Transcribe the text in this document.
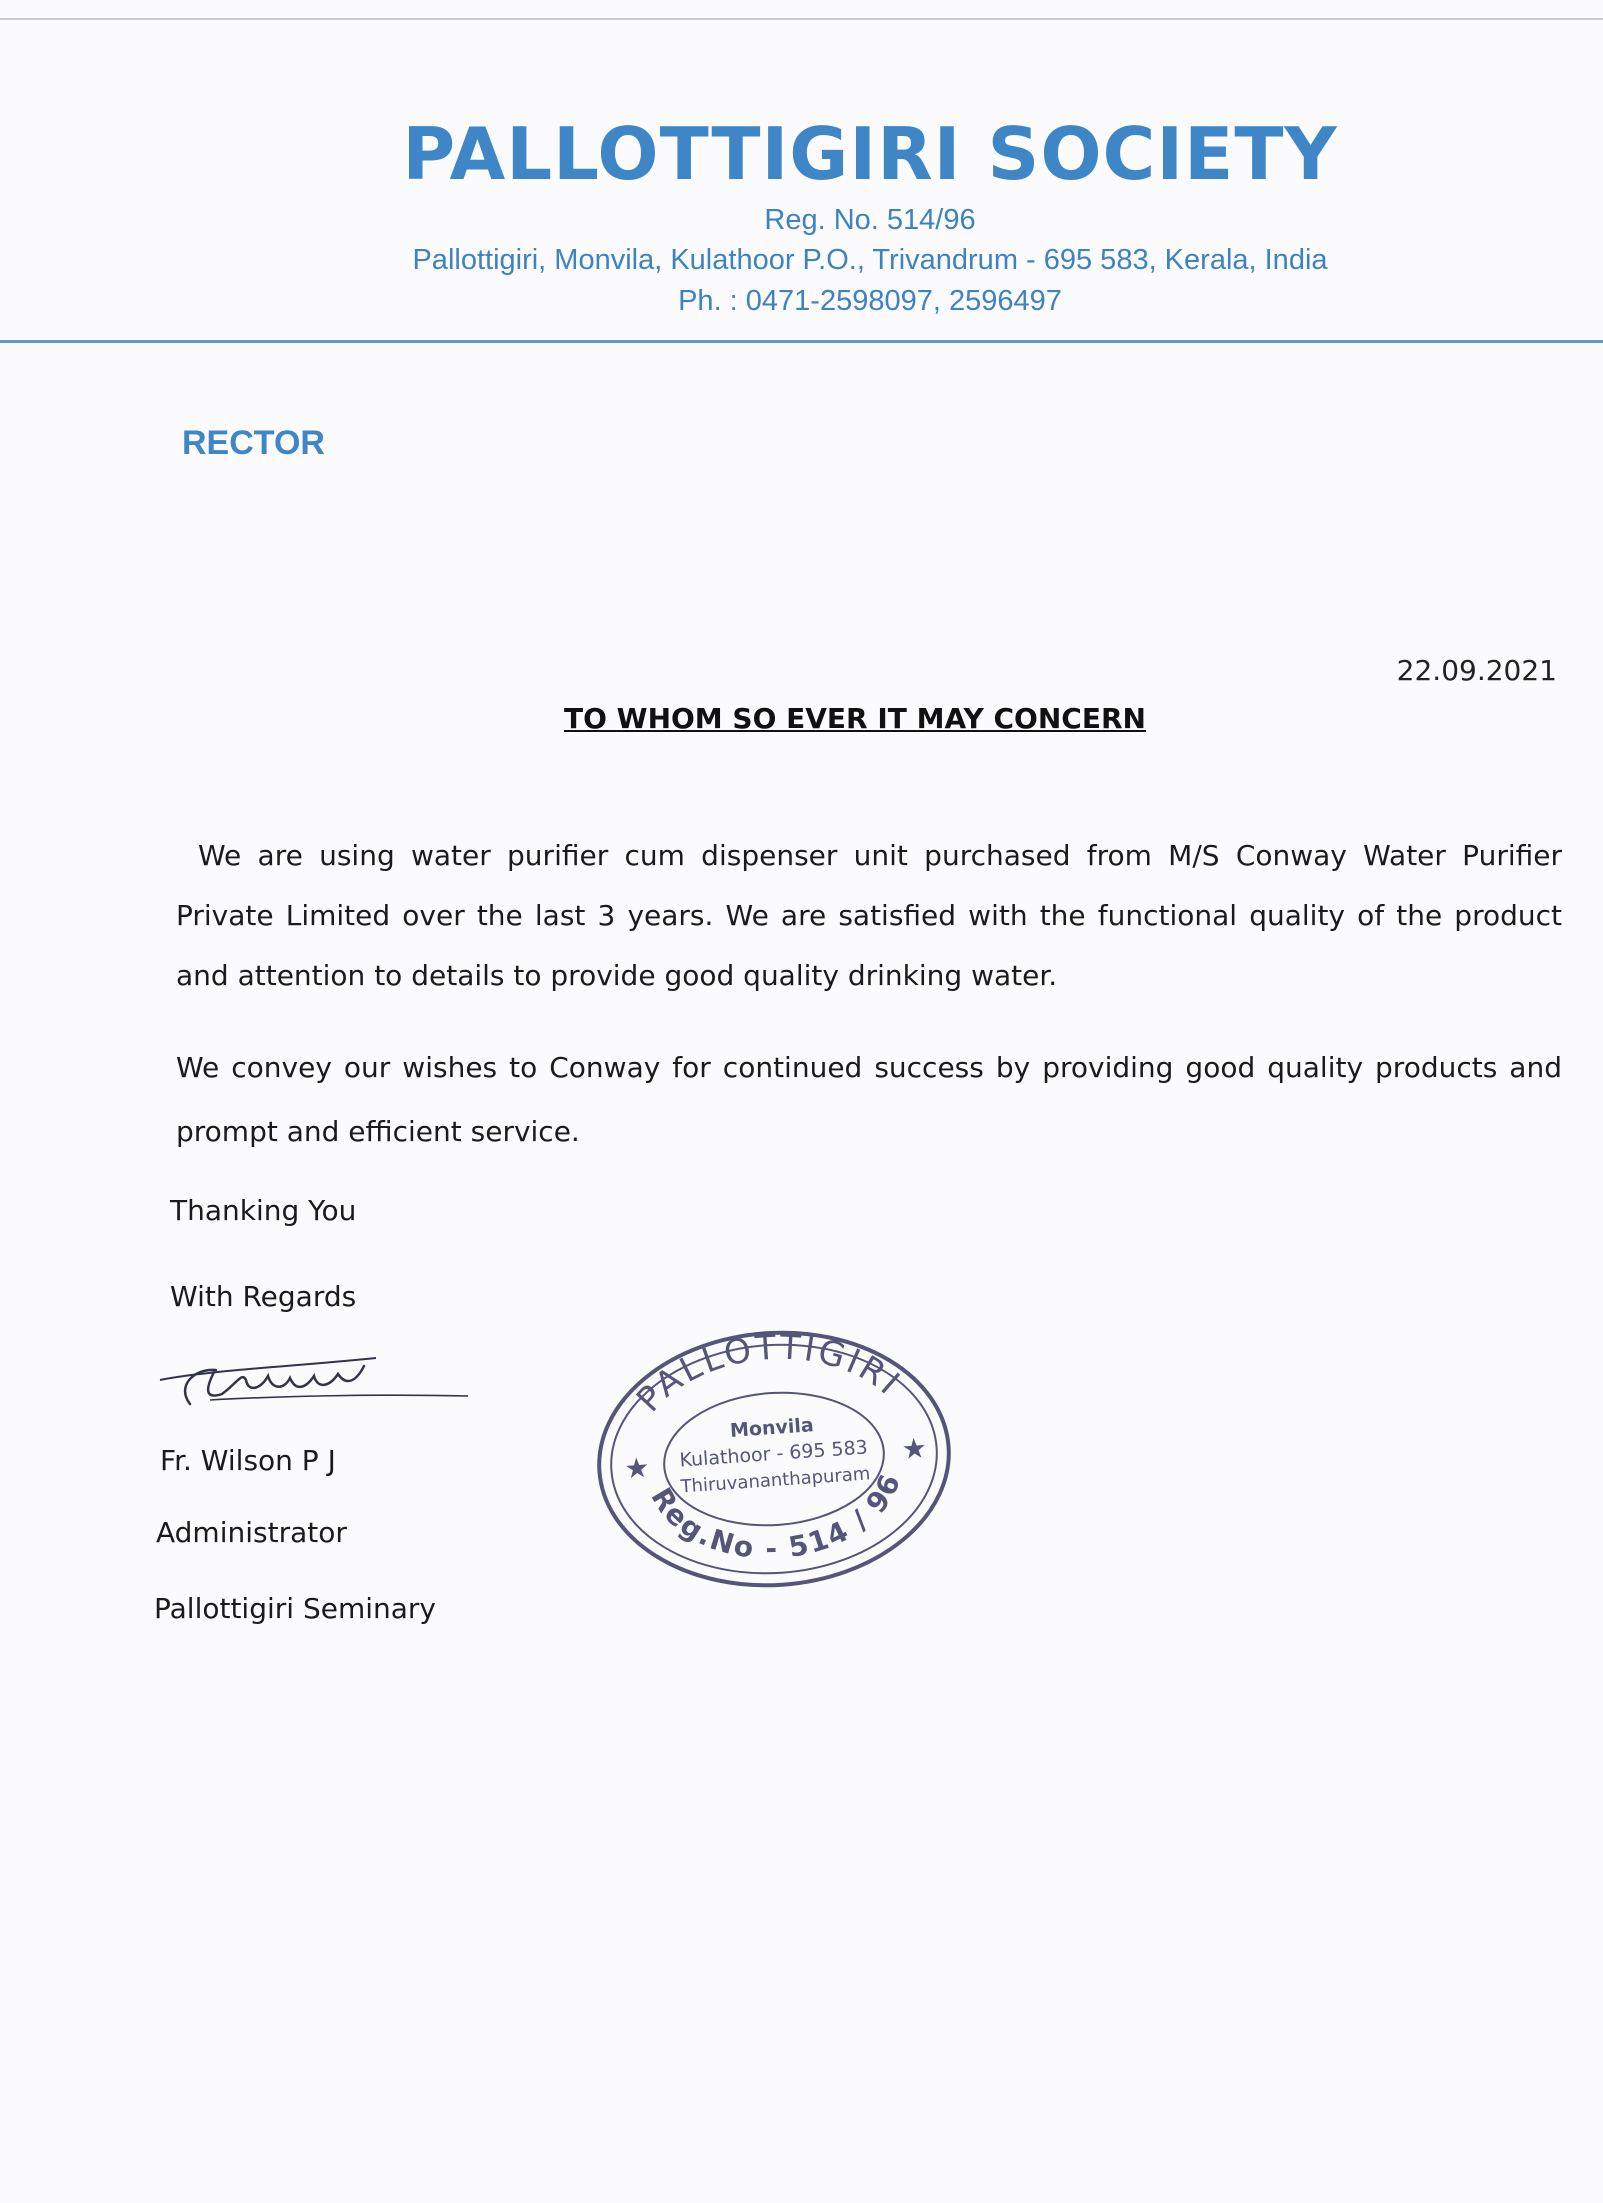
PALLOTTIGIRI SOCIETY
Reg. No. 514/96
Pallottigiri, Monvila, Kulathoor P.O., Trivandrum - 695 583, Kerala, India
Ph. : 0471-2598097, 2596497
RECTOR
22.09.2021
TO WHOM SO EVER IT MAY CONCERN
We are using water purifier cum dispenser unit purchased from M/S Conway Water Purifier Private Limited over the last 3 years. We are satisfied with the functional quality of the product and attention to details to provide good quality drinking water.
We convey our wishes to Conway for continued success by providing good quality products and prompt and efficient service.
Thanking You
With Regards
Fr. Wilson P J
Administrator
Pallottigiri Seminary
PALLOTTIGIRI
Reg.No - 514 / 96
★
★
Monvila
Kulathoor - 695 583
Thiruvananthapuram
